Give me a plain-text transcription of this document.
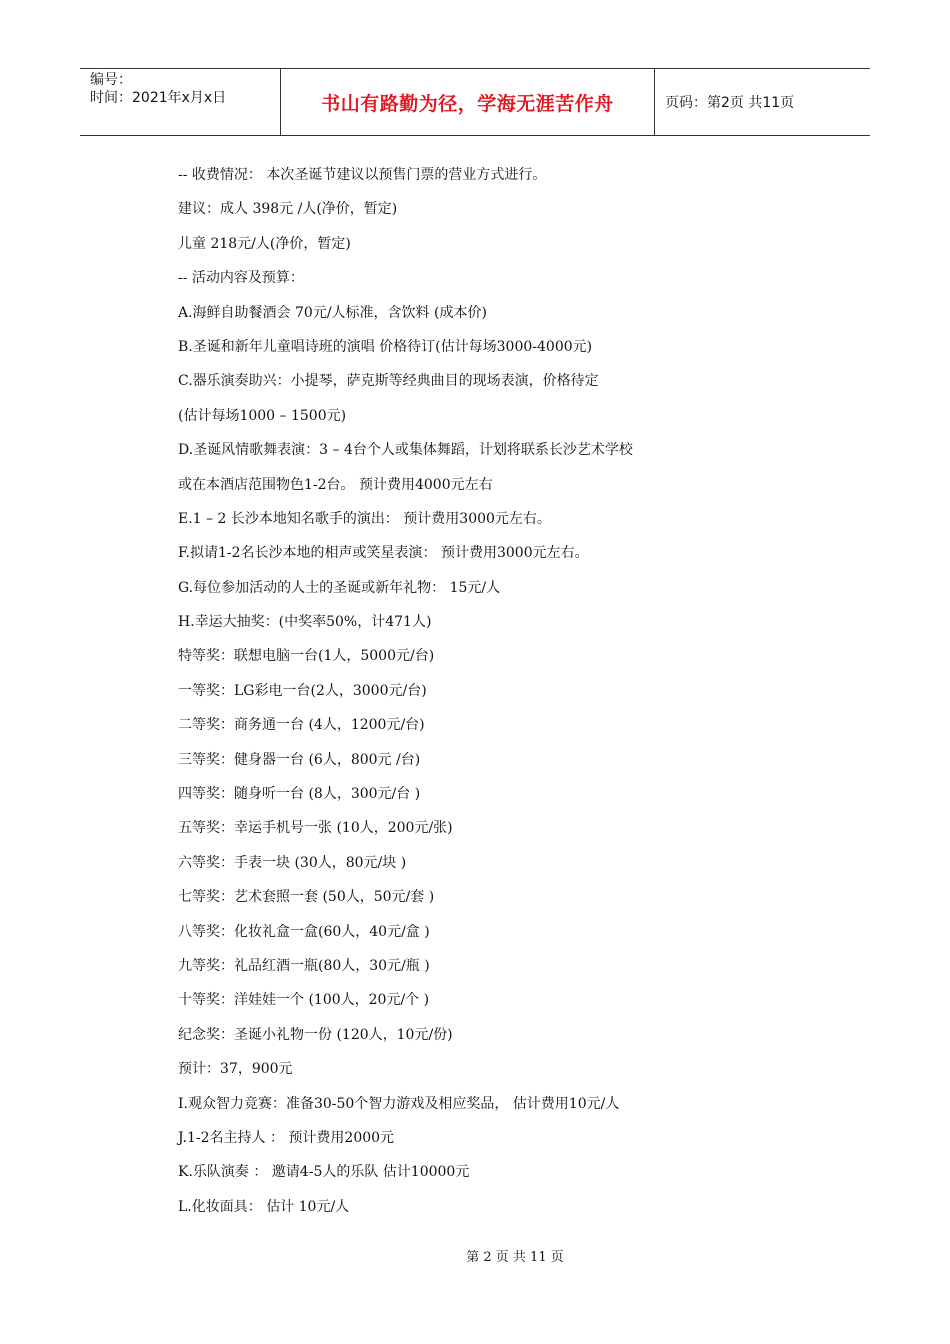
编号：
时间：2021年x月x日	书山有路勤为径，学海无涯苦作舟	页码：第2页 共11页
-- 收费情况： 本次圣诞节建议以预售门票的营业方式进行。
建议：成人 398元 /人(净价，暂定)
儿童 218元/人(净价，暂定)
-- 活动内容及预算：
A.海鲜自助餐酒会 70元/人标准，含饮料 (成本价)
B.圣诞和新年儿童唱诗班的演唱 价格待订(估计每场3000-4000元)
C.器乐演奏助兴：小提琴，萨克斯等经典曲目的现场表演，价格待定
(估计每场1000 – 1500元)
D.圣诞风情歌舞表演：3 – 4台个人或集体舞蹈，计划将联系长沙艺术学校
或在本酒店范围物色1-2台。 预计费用4000元左右
E.1 – 2 长沙本地知名歌手的演出： 预计费用3000元左右。
F.拟请1-2名长沙本地的相声或笑星表演： 预计费用3000元左右。
G.每位参加活动的人士的圣诞或新年礼物： 15元/人
H.幸运大抽奖：(中奖率50%，计471人)
特等奖：联想电脑一台(1人，5000元/台)
一等奖：LG彩电一台(2人，3000元/台)
二等奖：商务通一台 (4人，1200元/台)
三等奖：健身器一台 (6人，800元 /台)
四等奖：随身听一台 (8人，300元/台 )
五等奖：幸运手机号一张 (10人，200元/张)
六等奖：手表一块 (30人，80元/块 )
七等奖：艺术套照一套 (50人，50元/套 )
八等奖：化妆礼盒一盒(60人，40元/盒 )
九等奖：礼品红酒一瓶(80人，30元/瓶 )
十等奖：洋娃娃一个 (100人，20元/个 )
纪念奖：圣诞小礼物一份 (120人，10元/份)
预计：37，900元
I.观众智力竞赛：准备30-50个智力游戏及相应奖品， 估计费用10元/人
J.1-2名主持人 ： 预计费用2000元
K.乐队演奏 ： 邀请4-5人的乐队 估计10000元
L.化妆面具： 估计 10元/人
第 2 页 共 11 页
